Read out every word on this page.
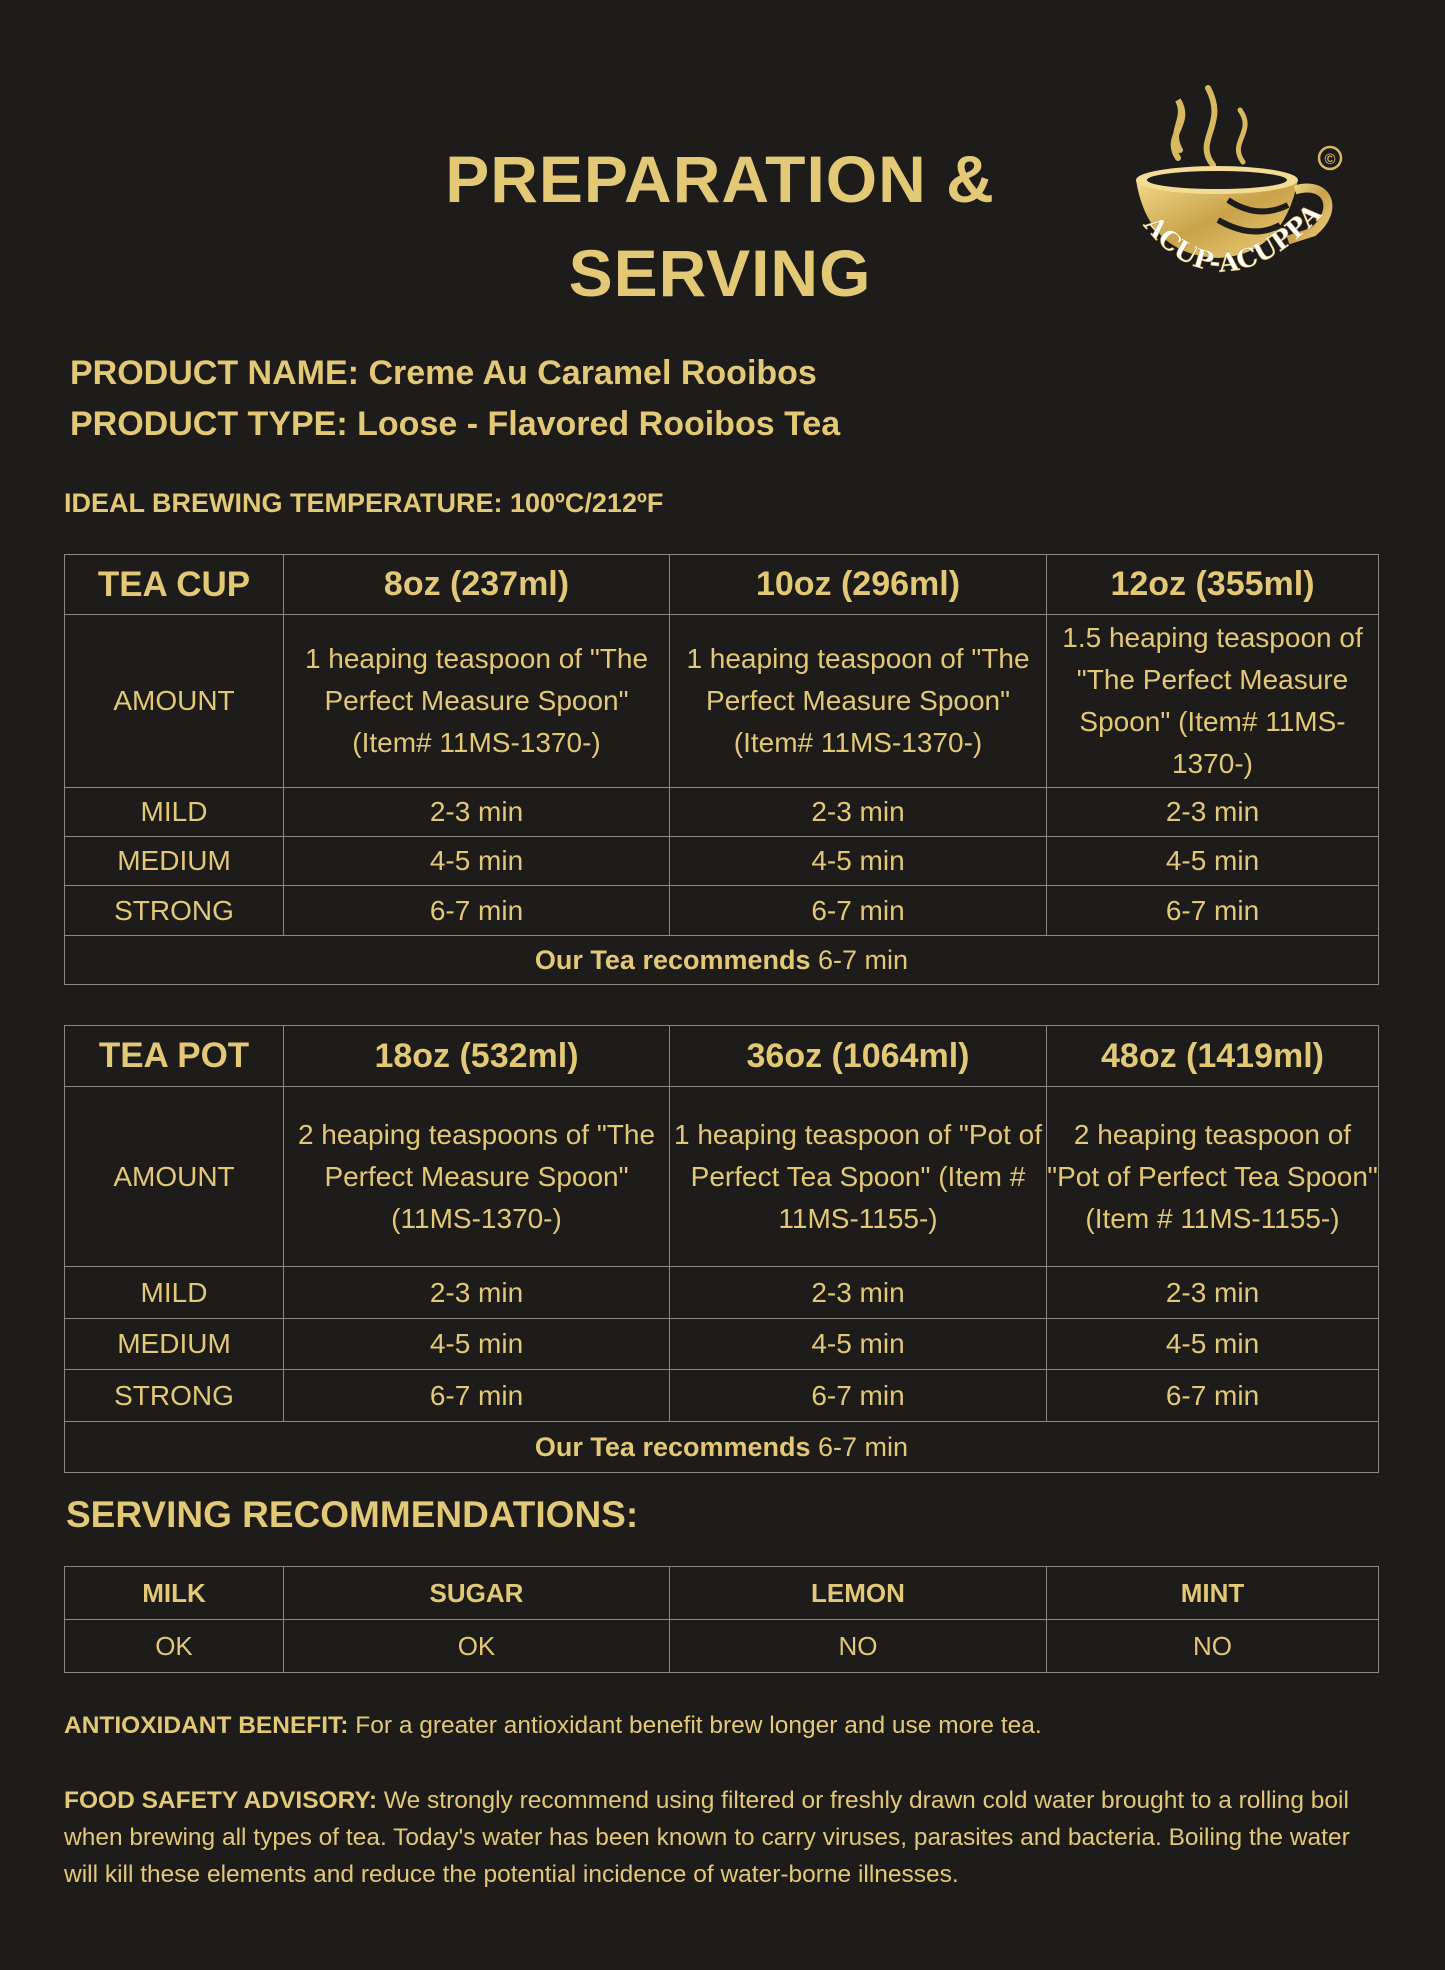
PREPARATION &
SERVING
ACUP-ACUPPA
©
PRODUCT NAME: Creme Au Caramel Rooibos
PRODUCT TYPE: Loose - Flavored Rooibos Tea
IDEAL BREWING TEMPERATURE: 100ºC/212ºF
TEA CUP	8oz (237ml)	10oz (296ml)	12oz (355ml)
AMOUNT	1 heaping teaspoon of "The Perfect Measure Spoon" (Item# 11MS-1370-)	1 heaping teaspoon of "The Perfect Measure Spoon" (Item# 11MS-1370-)	1.5 heaping teaspoon of "The Perfect Measure Spoon" (Item# 11MS-1370-)
MILD	2-3 min	2-3 min	2-3 min
MEDIUM	4-5 min	4-5 min	4-5 min
STRONG	6-7 min	6-7 min	6-7 min
Our Tea recommends 6-7 min			
TEA POT	18oz (532ml)	36oz (1064ml)	48oz (1419ml)
AMOUNT	2 heaping teaspoons of "The Perfect Measure Spoon" (11MS-1370-)	1 heaping teaspoon of "Pot of Perfect Tea Spoon" (Item # 11MS-1155-)	2 heaping teaspoon of "Pot of Perfect Tea Spoon" (Item # 11MS-1155-)
MILD	2-3 min	2-3 min	2-3 min
MEDIUM	4-5 min	4-5 min	4-5 min
STRONG	6-7 min	6-7 min	6-7 min
Our Tea recommends 6-7 min			
SERVING RECOMMENDATIONS:
MILK	SUGAR	LEMON	MINT
OK	OK	NO	NO
ANTIOXIDANT BENEFIT: For a greater antioxidant benefit brew longer and use more tea.
FOOD SAFETY ADVISORY: We strongly recommend using filtered or freshly drawn cold water brought to a rolling boil when brewing all types of tea. Today's water has been known to carry viruses, parasites and bacteria. Boiling the water will kill these elements and reduce the potential incidence of water-borne illnesses.
